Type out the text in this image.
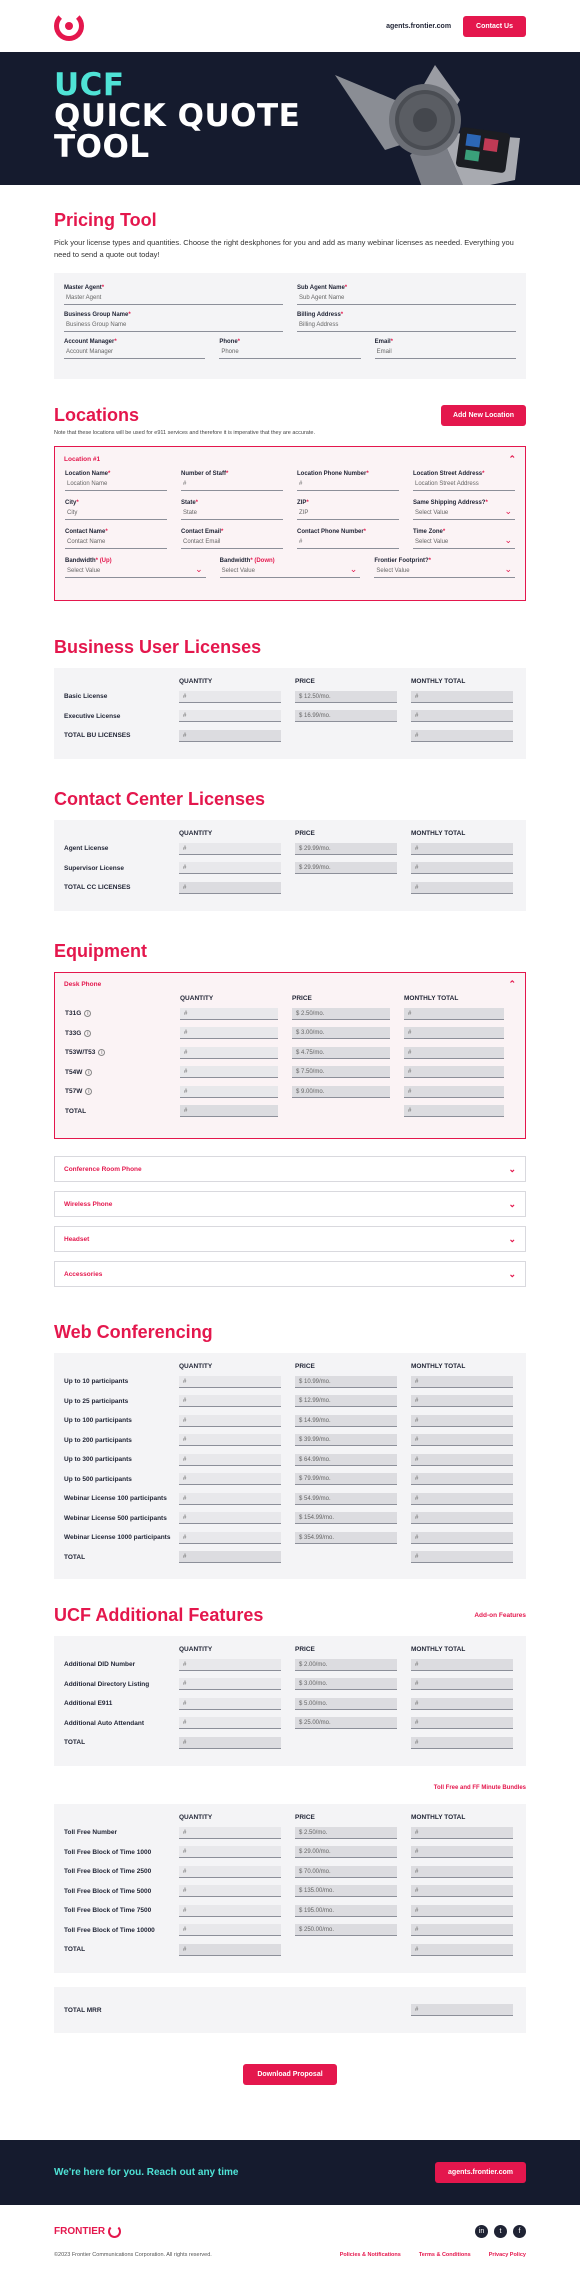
agents.frontier.com	Contact Us
UCF
QUICK QUOTE
TOOL
Pricing Tool

Pick your license types and quantities. Choose the right deskphones for you and add as many webinar licenses as needed. Everything you need to send a quote out today!

Master Agent*
Master Agent
Sub Agent Name*
Sub Agent Name
Business Group Name*
Business Group Name
Billing Address*
Billing Address
Account Manager*
Account Manager
Phone*
Phone
Email*
Email
Locations	Add New Location

Note that these locations will be used for e911 services and therefore it is imperative that they are accurate.

Location #1	⌃
Location Name*
Location Name
Number of Staff*
#
Location Phone Number*
#
Location Street Address*
Location Street Address
City*
City
State*
State
ZIP*
ZIP
Same Shipping Address?*
Select Value ⌄
Contact Name*
Contact Name
Contact Email*
Contact Email
Contact Phone Number*
#
Time Zone*
Select Value ⌄
Bandwidth* (Up)
Select Value ⌄
Bandwidth* (Down)
Select Value ⌄
Frontier Footprint?*
Select Value ⌄
Business User Licenses
	QUANTITY	PRICE	MONTHLY TOTAL
Basic License	#	$ 12.50/mo.	#

Executive License	#	$ 16.99/mo.	#

TOTAL BU LICENSES	#		#
Contact Center Licenses
	QUANTITY	PRICE	MONTHLY TOTAL
Agent License	#	$ 29.99/mo.	#

Supervisor License	#	$ 29.99/mo.	#

TOTAL CC LICENSES	#		#
Equipment
Desk Phone	⌃
	QUANTITY	PRICE	MONTHLY TOTAL
T31G i	#	$ 2.50/mo.	#

T33G i	#	$ 3.00/mo.	#

T53W/T53 i	#	$ 4.75/mo.	#

T54W i	#	$ 7.50/mo.	#

T57W i	#	$ 9.00/mo.	#

TOTAL	#		#
Conference Room Phone	⌄
Wireless Phone	⌄
Headset	⌄
Accessories	⌄
Web Conferencing
	QUANTITY	PRICE	MONTHLY TOTAL
Up to 10 participants	#	$ 10.99/mo.	#

Up to 25 participants	#	$ 12.99/mo.	#

Up to 100 participants	#	$ 14.99/mo.	#

Up to 200 participants	#	$ 39.99/mo.	#

Up to 300 participants	#	$ 64.99/mo.	#

Up to 500 participants	#	$ 79.99/mo.	#

Webinar License 100 participants	#	$ 54.99/mo.	#

Webinar License 500 participants	#	$ 154.99/mo.	#

Webinar License 1000 participants	#	$ 354.99/mo.	#

TOTAL	#		#
UCF Additional Features	Add-on Features
	QUANTITY	PRICE	MONTHLY TOTAL
Additional DID Number	#	$ 2.00/mo.	#

Additional Directory Listing	#	$ 3.00/mo.	#

Additional E911	#	$ 5.00/mo.	#

Additional Auto Attendant	#	$ 25.00/mo.	#

TOTAL	#		#
Toll Free and FF Minute Bundles
	QUANTITY	PRICE	MONTHLY TOTAL
Toll Free Number	#	$ 2.50/mo.	#

Toll Free Block of Time 1000	#	$ 29.00/mo.	#

Toll Free Block of Time 2500	#	$ 70.00/mo.	#

Toll Free Block of Time 5000	#	$ 135.00/mo.	#

Toll Free Block of Time 7500	#	$ 195.00/mo.	#

Toll Free Block of Time 10000	#	$ 250.00/mo.	#

TOTAL	#		#
TOTAL MRR	#
Download Proposal
We're here for you. Reach out any time	agents.frontier.com
FRONTIER	in	t	f
©2023 Frontier Communications Corporation. All rights reserved.	Policies & Notifications	Terms & Conditions	Privacy Policy
